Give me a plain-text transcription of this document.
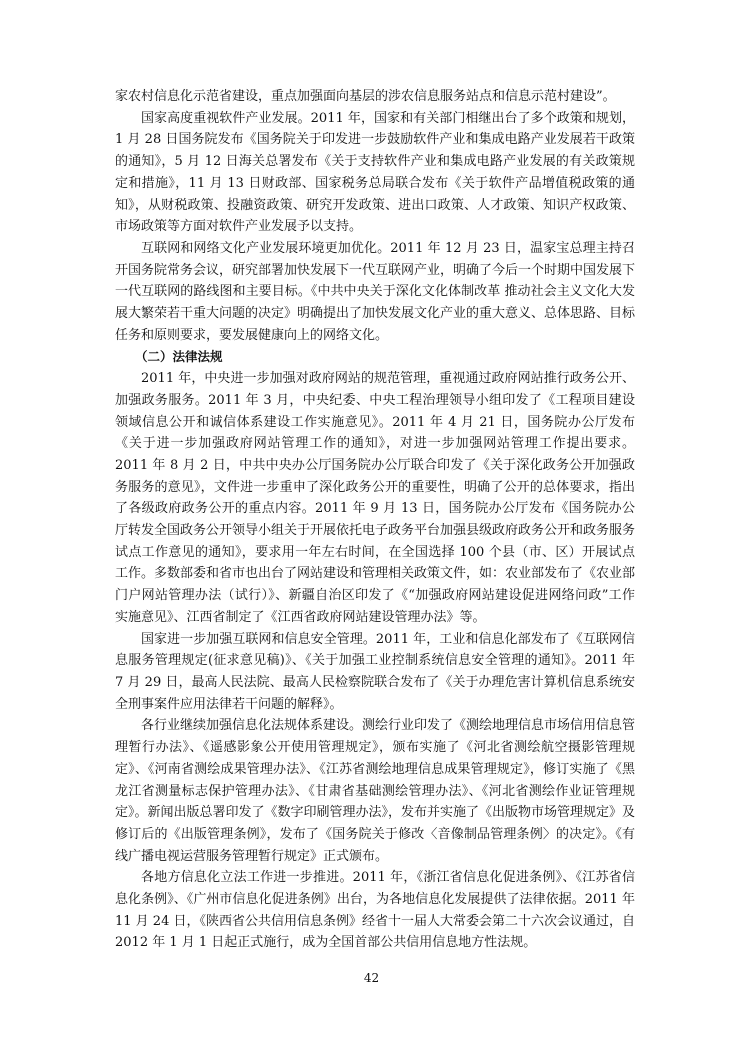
家农村信息化示范省建设，重点加强面向基层的涉农信息服务站点和信息示范村建设”。

国家高度重视软件产业发展。2011 年，国家和有关部门相继出台了多个政策和规划，1 月 28 日国务院发布《国务院关于印发进一步鼓励软件产业和集成电路产业发展若干政策的通知》，5 月 12 日海关总署发布《关于支持软件产业和集成电路产业发展的有关政策规定和措施》，11 月 13 日财政部、国家税务总局联合发布《关于软件产品增值税政策的通知》，从财税政策、投融资政策、研究开发政策、进出口政策、人才政策、知识产权政策、市场政策等方面对软件产业发展予以支持。

互联网和网络文化产业发展环境更加优化。2011 年 12 月 23 日，温家宝总理主持召开国务院常务会议，研究部署加快发展下一代互联网产业，明确了今后一个时期中国发展下一代互联网的路线图和主要目标。《中共中央关于深化文化体制改革 推动社会主义文化大发展大繁荣若干重大问题的决定》明确提出了加快发展文化产业的重大意义、总体思路、目标任务和原则要求，要发展健康向上的网络文化。

（二）法律法规

2011 年，中央进一步加强对政府网站的规范管理，重视通过政府网站推行政务公开、加强政务服务。2011 年 3 月，中央纪委、中央工程治理领导小组印发了《工程项目建设领域信息公开和诚信体系建设工作实施意见》。2011 年 4 月 21 日，国务院办公厅发布《关于进一步加强政府网站管理工作的通知》，对进一步加强网站管理工作提出要求。2011 年 8 月 2 日，中共中央办公厅国务院办公厅联合印发了《关于深化政务公开加强政务服务的意见》，文件进一步重申了深化政务公开的重要性，明确了公开的总体要求，指出了各级政府政务公开的重点内容。2011 年 9 月 13 日，国务院办公厅发布《国务院办公厅转发全国政务公开领导小组关于开展依托电子政务平台加强县级政府政务公开和政务服务试点工作意见的通知》，要求用一年左右时间，在全国选择 100 个县（市、区）开展试点工作。多数部委和省市也出台了网站建设和管理相关政策文件，如：农业部发布了《农业部门户网站管理办法（试行）》、新疆自治区印发了《“加强政府网站建设促进网络问政”工作实施意见》、江西省制定了《江西省政府网站建设管理办法》等。

国家进一步加强互联网和信息安全管理。2011 年，工业和信息化部发布了《互联网信息服务管理规定(征求意见稿)》、《关于加强工业控制系统信息安全管理的通知》。2011 年 7 月 29 日，最高人民法院、最高人民检察院联合发布了《关于办理危害计算机信息系统安全刑事案件应用法律若干问题的解释》。

各行业继续加强信息化法规体系建设。测绘行业印发了《测绘地理信息市场信用信息管理暂行办法》、《遥感影象公开使用管理规定》，颁布实施了《河北省测绘航空摄影管理规定》、《河南省测绘成果管理办法》、《江苏省测绘地理信息成果管理规定》，修订实施了《黑龙江省测量标志保护管理办法》、《甘肃省基础测绘管理办法》、《河北省测绘作业证管理规定》。新闻出版总署印发了《数字印刷管理办法》，发布并实施了《出版物市场管理规定》及修订后的《出版管理条例》，发布了《国务院关于修改〈音像制品管理条例〉的决定》。《有线广播电视运营服务管理暂行规定》正式颁布。

各地方信息化立法工作进一步推进。2011 年，《浙江省信息化促进条例》、《江苏省信息化条例》、《广州市信息化促进条例》出台，为各地信息化发展提供了法律依据。2011 年 11 月 24 日，《陕西省公共信用信息条例》经省十一届人大常委会第二十六次会议通过，自 2012 年 1 月 1 日起正式施行，成为全国首部公共信用信息地方性法规。

42
